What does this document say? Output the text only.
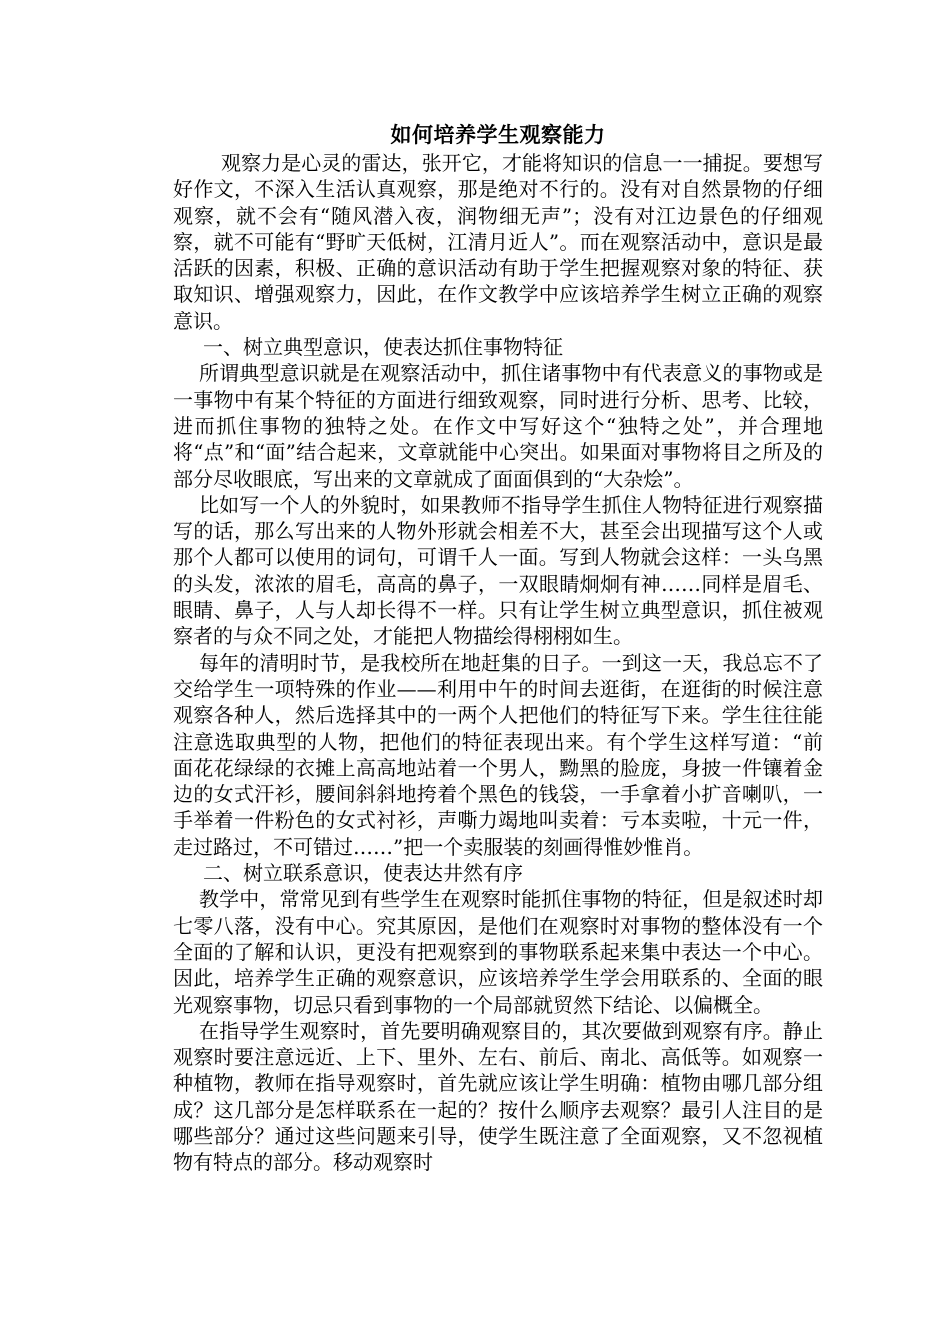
如何培养学生观察能力

观察力是心灵的雷达，张开它，才能将知识的信息一一捕捉。要想写好作文，不深入生活认真观察，那是绝对不行的。没有对自然景物的仔细观察，就不会有“随风潜入夜，润物细无声”；没有对江边景色的仔细观察，就不可能有“野旷天低树，江清月近人”。而在观察活动中，意识是最活跃的因素，积极、正确的意识活动有助于学生把握观察对象的特征、获取知识、增强观察力，因此，在作文教学中应该培养学生树立正确的观察意识。

一、树立典型意识，使表达抓住事物特征

所谓典型意识就是在观察活动中，抓住诸事物中有代表意义的事物或是一事物中有某个特征的方面进行细致观察，同时进行分析、思考、比较，进而抓住事物的独特之处。在作文中写好这个“独特之处”，并合理地将“点”和“面”结合起来，文章就能中心突出。如果面对事物将目之所及的部分尽收眼底，写出来的文章就成了面面俱到的“大杂烩”。

比如写一个人的外貌时，如果教师不指导学生抓住人物特征进行观察描写的话，那么写出来的人物外形就会相差不大，甚至会出现描写这个人或那个人都可以使用的词句，可谓千人一面。写到人物就会这样：一头乌黑的头发，浓浓的眉毛，高高的鼻子，一双眼睛炯炯有神……同样是眉毛、眼睛、鼻子，人与人却长得不一样。只有让学生树立典型意识，抓住被观察者的与众不同之处，才能把人物描绘得栩栩如生。

每年的清明时节，是我校所在地赶集的日子。一到这一天，我总忘不了交给学生一项特殊的作业——利用中午的时间去逛街，在逛街的时候注意观察各种人，然后选择其中的一两个人把他们的特征写下来。学生往往能注意选取典型的人物，把他们的特征表现出来。有个学生这样写道：“前面花花绿绿的衣摊上高高地站着一个男人，黝黑的脸庞，身披一件镶着金边的女式汗衫，腰间斜斜地挎着个黑色的钱袋，一手拿着小扩音喇叭，一手举着一件粉色的女式衬衫，声嘶力竭地叫卖着：亏本卖啦，十元一件，走过路过，不可错过……”把一个卖服装的刻画得惟妙惟肖。

二、树立联系意识，使表达井然有序

教学中，常常见到有些学生在观察时能抓住事物的特征，但是叙述时却七零八落，没有中心。究其原因，是他们在观察时对事物的整体没有一个全面的了解和认识，更没有把观察到的事物联系起来集中表达一个中心。因此，培养学生正确的观察意识，应该培养学生学会用联系的、全面的眼光观察事物，切忌只看到事物的一个局部就贸然下结论、以偏概全。

在指导学生观察时，首先要明确观察目的，其次要做到观察有序。静止观察时要注意远近、上下、里外、左右、前后、南北、高低等。如观察一种植物，教师在指导观察时，首先就应该让学生明确：植物由哪几部分组成？这几部分是怎样联系在一起的？按什么顺序去观察？最引人注目的是哪些部分？通过这些问题来引导，使学生既注意了全面观察，又不忽视植物有特点的部分。移动观察时
